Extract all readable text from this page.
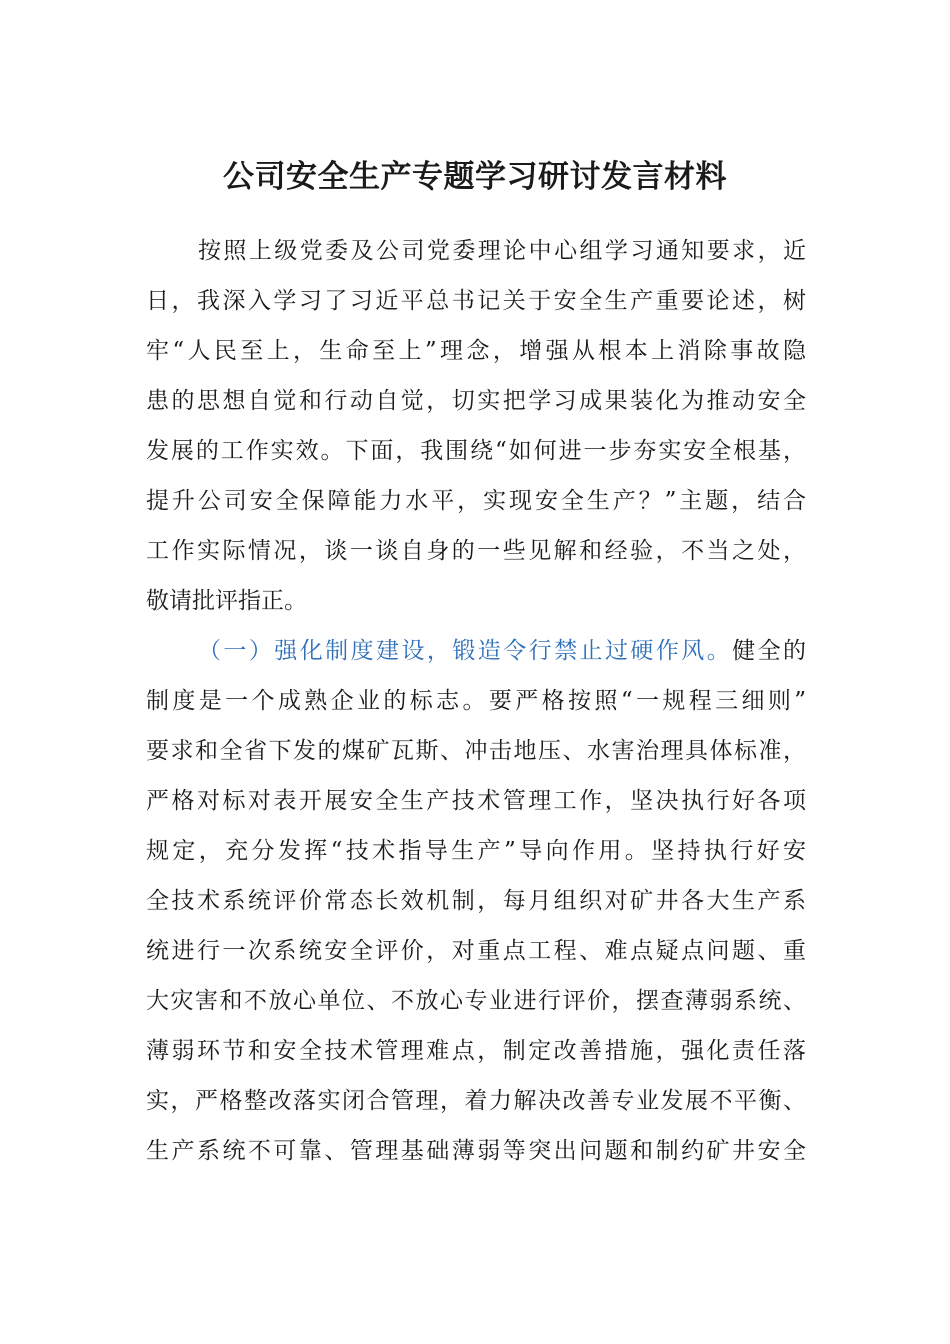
公司安全生产专题学习研讨发言材料
按照上级党委及公司党委理论中心组学习通知要求，近
日，我深入学习了习近平总书记关于安全生产重要论述，树
牢“人民至上，生命至上”理念，增强从根本上消除事故隐
患的思想自觉和行动自觉，切实把学习成果装化为推动安全
发展的工作实效。下面，我围绕“如何进一步夯实安全根基，
提升公司安全保障能力水平，实现安全生产？”主题，结合
工作实际情况，谈一谈自身的一些见解和经验，不当之处，
敬请批评指正。
（一）强化制度建设，锻造令行禁止过硬作风。健全的
制度是一个成熟企业的标志。要严格按照“一规程三细则”
要求和全省下发的煤矿瓦斯、冲击地压、水害治理具体标准，
严格对标对表开展安全生产技术管理工作，坚决执行好各项
规定，充分发挥“技术指导生产”导向作用。坚持执行好安
全技术系统评价常态长效机制，每月组织对矿井各大生产系
统进行一次系统安全评价，对重点工程、难点疑点问题、重
大灾害和不放心单位、不放心专业进行评价，摆查薄弱系统、
薄弱环节和安全技术管理难点，制定改善措施，强化责任落
实，严格整改落实闭合管理，着力解决改善专业发展不平衡、
生产系统不可靠、管理基础薄弱等突出问题和制约矿井安全
